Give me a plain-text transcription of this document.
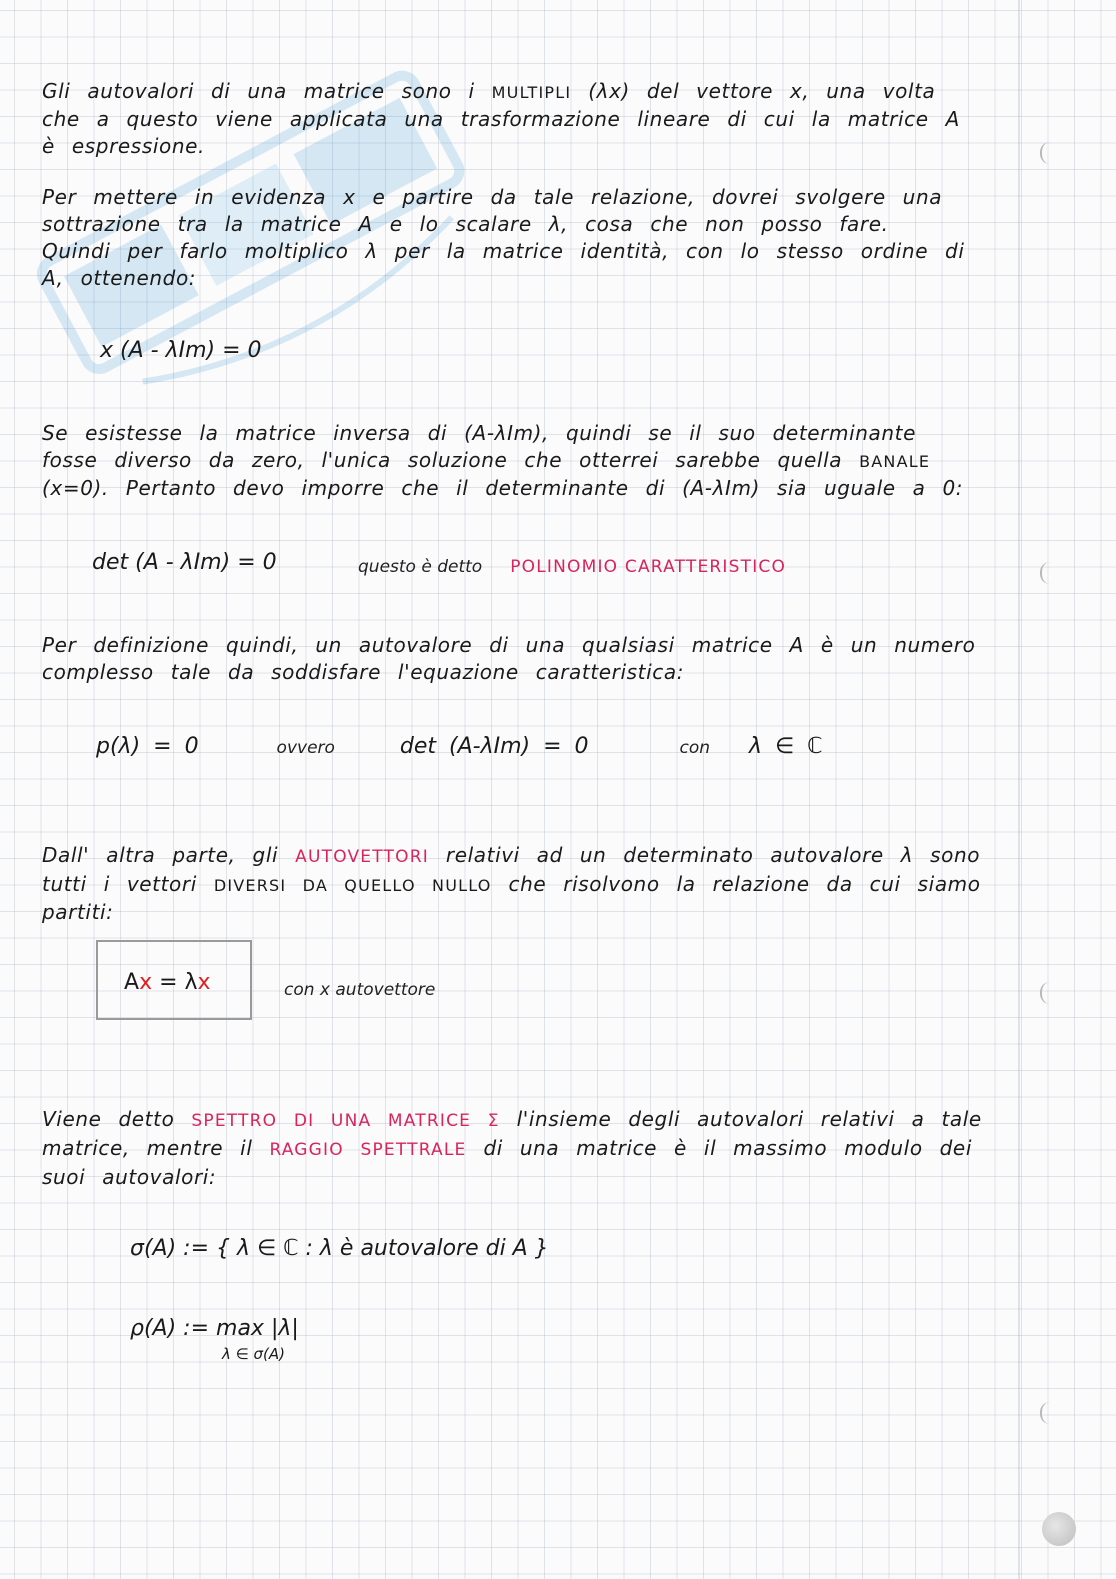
Gli autovalori di una matrice sono i MULTIPLI (λx) del vettore x, una volta che a questo viene applicata una trasformazione lineare di cui la matrice A è espressione.
Per mettere in evidenza x e partire da tale relazione, dovrei svolgere una sottrazione tra la matrice A e lo scalare λ, cosa che non posso fare.
Quindi per farlo moltiplico λ per la matrice identità, con lo stesso ordine di A, ottenendo:
x (A - λIm) = 0
Se esistesse la matrice inversa di (A-λIm), quindi se il suo determinante fosse diverso da zero, l'unica soluzione che otterrei sarebbe quella BANALE (x=0). Pertanto devo imporre che il determinante di (A-λIm) sia uguale a 0:
det (A - λIm) = 0	questo è detto POLINOMIO CARATTERISTICO
Per definizione quindi, un autovalore di una qualsiasi matrice A è un numero complesso tale da soddisfare l'equazione caratteristica:
p(λ) = 0	ovvero	det (A-λIm) = 0	con λ ∈ ℂ
Dall' altra parte, gli AUTOVETTORI relativi ad un determinato autovalore λ sono tutti i vettori DIVERSI DA QUELLO NULLO che risolvono la relazione da cui siamo partiti:
Ax = λx	con x autovettore
Viene detto SPETTRO DI UNA MATRICE Σ l'insieme degli autovalori relativi a tale matrice, mentre il RAGGIO SPETTRALE di una matrice è il massimo modulo dei suoi autovalori:
σ(A) := { λ ∈ ℂ : λ è autovalore di A }
ρ(A) := max |λ|
λ ∈ σ(A)
